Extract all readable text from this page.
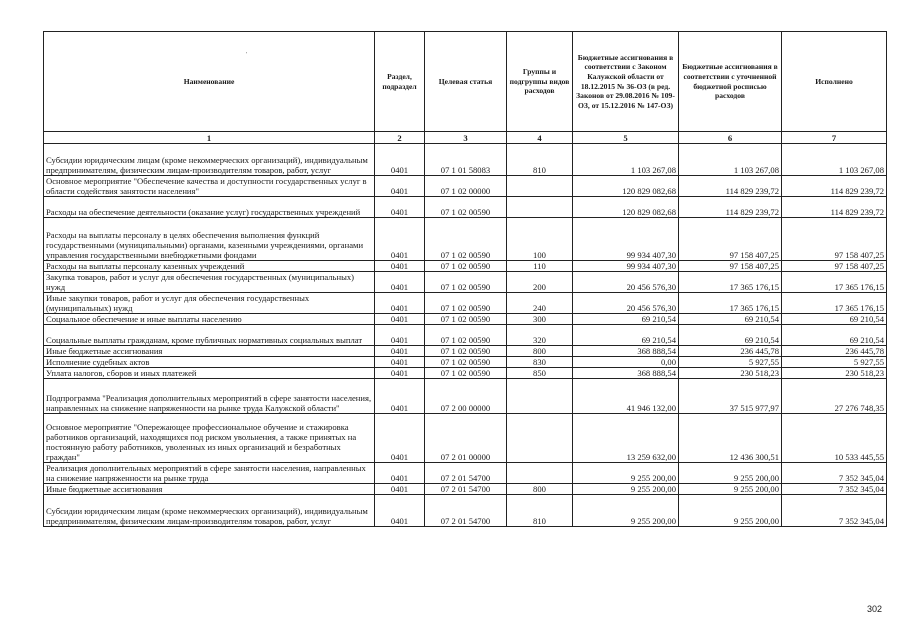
'
Наименование	Раздел, подраздел	Целевая статья	Группы и подгруппы видов расходов	Бюджетные ассигнования в соответствии с Законом Калужской области от 18.12.2015 № 36-ОЗ (в ред. Законов от 29.08.2016 № 109-ОЗ, от 15.12.2016 № 147-ОЗ)	Бюджетные ассигнования в соответствии с уточненной бюджетной росписью расходов	Исполнено
1	2	3	4	5	6	7
Субсидии юридическим лицам (кроме некоммерческих организаций), индивидуальным предпринимателям, физическим лицам-производителям товаров, работ, услуг	0401	07 1 01 58083	810	1 103 267,08	1 103 267,08	1 103 267,08
Основное мероприятие "Обеспечение качества и доступности государственных услуг в области содействия занятости населения"	0401	07 1 02 00000		120 829 082,68	114 829 239,72	114 829 239,72
Расходы на обеспечение деятельности (оказание услуг) государственных учреждений	0401	07 1 02 00590		120 829 082,68	114 829 239,72	114 829 239,72
Расходы на выплаты персоналу в целях обеспечения выполнения функций государственными (муниципальными) органами, казенными учреждениями, органами управления государственными внебюджетными фондами	0401	07 1 02 00590	100	99 934 407,30	97 158 407,25	97 158 407,25
Расходы на выплаты персоналу казенных учреждений	0401	07 1 02 00590	110	99 934 407,30	97 158 407,25	97 158 407,25
Закупка товаров, работ и услуг для обеспечения государственных (муниципальных) нужд	0401	07 1 02 00590	200	20 456 576,30	17 365 176,15	17 365 176,15
Иные закупки товаров, работ и услуг для обеспечения государственных (муниципальных) нужд	0401	07 1 02 00590	240	20 456 576,30	17 365 176,15	17 365 176,15
Социальное обеспечение и иные выплаты населению	0401	07 1 02 00590	300	69 210,54	69 210,54	69 210,54
Социальные выплаты гражданам, кроме публичных нормативных социальных выплат	0401	07 1 02 00590	320	69 210,54	69 210,54	69 210,54
Иные бюджетные ассигнования	0401	07 1 02 00590	800	368 888,54	236 445,78	236 445,78
Исполнение судебных актов	0401	07 1 02 00590	830	0,00	5 927,55	5 927,55
Уплата налогов, сборов и иных платежей	0401	07 1 02 00590	850	368 888,54	230 518,23	230 518,23
Подпрограмма "Реализация дополнительных мероприятий в сфере занятости населения, направленных на снижение напряженности на рынке труда Калужской области"	0401	07 2 00 00000		41 946 132,00	37 515 977,97	27 276 748,35
Основное мероприятие "Опережающее профессиональное обучение и стажировка работников организаций, находящихся под риском увольнения, а также принятых на постоянную работу работников, уволенных из иных организаций и безработных граждан"	0401	07 2 01 00000		13 259 632,00	12 436 300,51	10 533 445,55
Реализация дополнительных мероприятий в сфере занятости населения, направленных на снижение напряженности на рынке труда	0401	07 2 01 54700		9 255 200,00	9 255 200,00	7 352 345,04
Иные бюджетные ассигнования	0401	07 2 01 54700	800	9 255 200,00	9 255 200,00	7 352 345,04
Субсидии юридическим лицам (кроме некоммерческих организаций), индивидуальным предпринимателям, физическим лицам-производителям товаров, работ, услуг	0401	07 2 01 54700	810	9 255 200,00	9 255 200,00	7 352 345,04
302
